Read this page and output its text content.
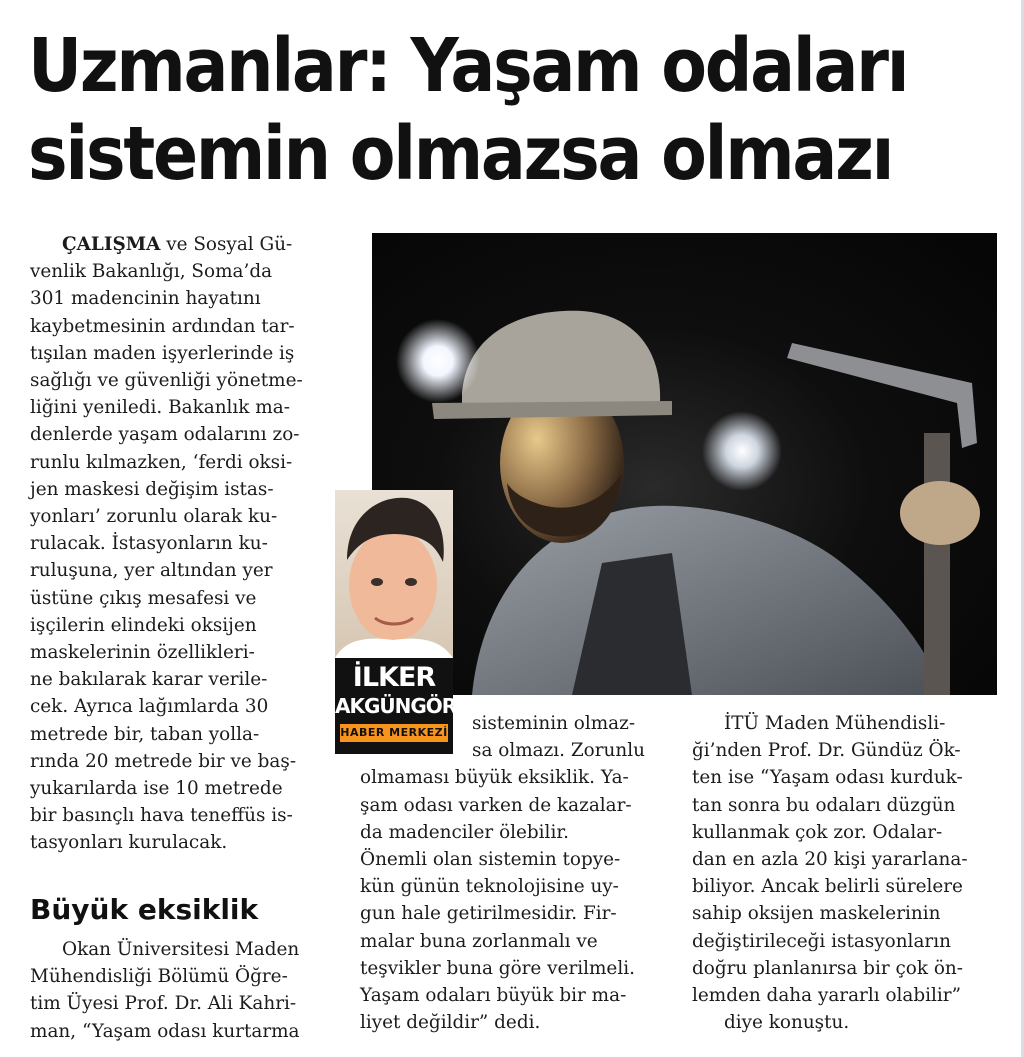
Uzmanlar: Yaşam odaları
sistemin olmazsa olmazı
ÇALIŞMA ve Sosyal Gü-
venlik Bakanlığı, Soma’da
301 madencinin hayatını
kaybetmesinin ardından tar-
tışılan maden işyerlerinde iş
sağlığı ve güvenliği yönetme-
liğini yeniledi. Bakanlık ma-
denlerde yaşam odalarını zo-
runlu kılmazken, ‘ferdi oksi-
jen maskesi değişim istas-
yonları’ zorunlu olarak ku-
rulacak. İstasyonların ku-
ruluşuna, yer altından yer
üstüne çıkış mesafesi ve
işçilerin elindeki oksijen
maskelerinin özellikleri-
ne bakılarak karar verile-
cek. Ayrıca lağımlarda 30
metrede bir, taban yolla-
rında 20 metrede bir ve baş-
yukarılarda ise 10 metrede
bir basınçlı hava teneffüs is-
tasyonları kurulacak.
Büyük eksiklik
Okan Üniversitesi Maden
Mühendisliği Bölümü Öğre-
tim Üyesi Prof. Dr. Ali Kahri-
man, “Yaşam odası kurtarma
İLKER
AKGÜNGÖR
HABER MERKEZİ	sisteminin olmaz-
sa olmazı. Zorunlu
olmaması büyük eksiklik. Ya-
şam odası varken de kazalar-
da madenciler ölebilir.
Önemli olan sistemin topye-
kün günün teknolojisine uy-
gun hale getirilmesidir. Fir-
malar buna zorlanmalı ve
teşvikler buna göre verilmeli.
Yaşam odaları büyük bir ma-
liyet değildir” dedi.
İTÜ Maden Mühendisli-
ği’nden Prof. Dr. Gündüz Ök-
ten ise “Yaşam odası kurduk-
tan sonra bu odaları düzgün
kullanmak çok zor. Odalar-
dan en azla 20 kişi yararlana-
biliyor. Ancak belirli sürelere
sahip oksijen maskelerinin
değiştirileceği istasyonların
doğru planlanırsa bir çok ön-
lemden daha yararlı olabilir”
diye konuştu.
